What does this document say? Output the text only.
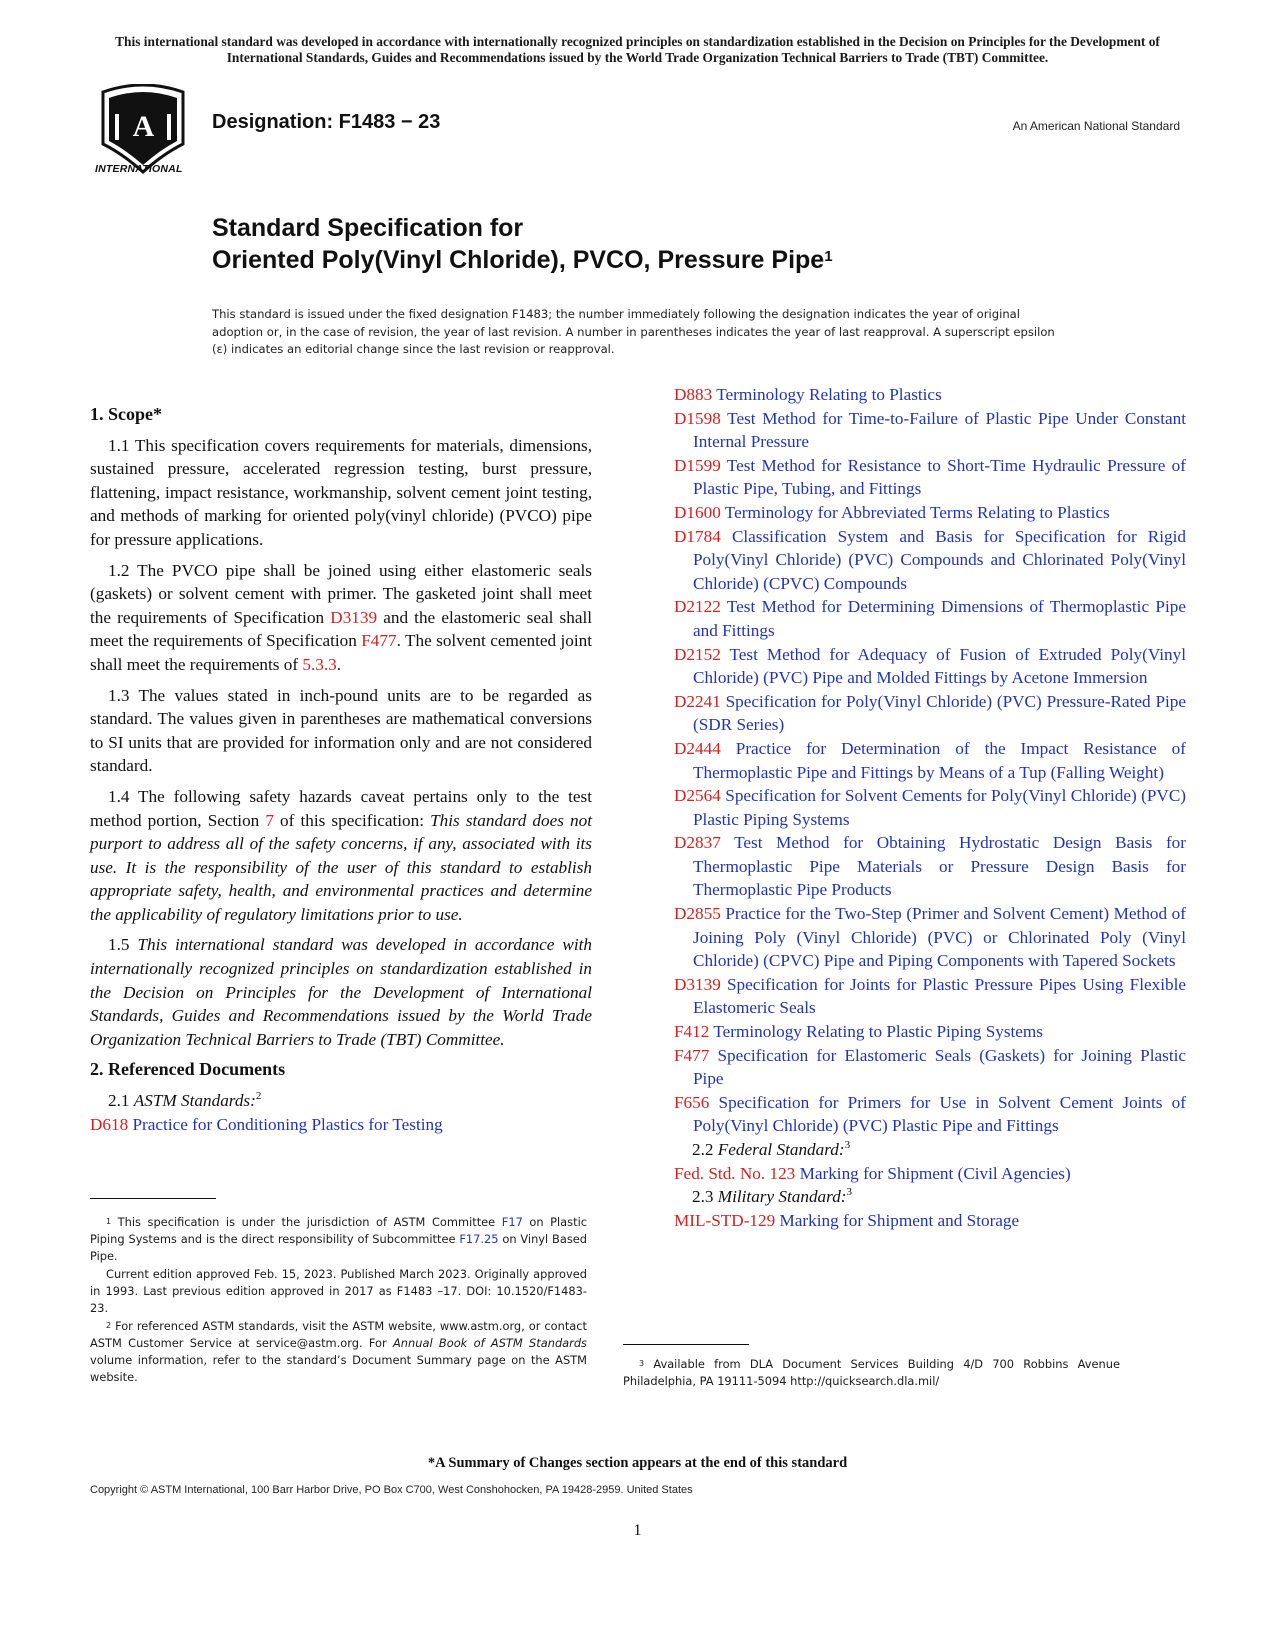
This international standard was developed in accordance with internationally recognized principles on standardization established in the Decision on Principles for the Development of International Standards, Guides and Recommendations issued by the World Trade Organization Technical Barriers to Trade (TBT) Committee.
A
INTERNATIONAL
Designation: F1483 − 23	An American National Standard
Standard Specification for
Oriented Poly(Vinyl Chloride), PVCO, Pressure Pipe$^1$
This standard is issued under the fixed designation F1483; the number immediately following the designation indicates the year of original adoption or, in the case of revision, the year of last revision. A number in parentheses indicates the year of last reapproval. A superscript epsilon (ε) indicates an editorial change since the last revision or reapproval.
1. Scope*
1.1 This specification covers requirements for materials, dimensions, sustained pressure, accelerated regression testing, burst pressure, flattening, impact resistance, workmanship, solvent cement joint testing, and methods of marking for oriented poly(vinyl chloride) (PVCO) pipe for pressure applications.
1.2 The PVCO pipe shall be joined using either elastomeric seals (gaskets) or solvent cement with primer. The gasketed joint shall meet the requirements of Specification D3139 and the elastomeric seal shall meet the requirements of Specification F477. The solvent cemented joint shall meet the requirements of 5.3.3.
1.3 The values stated in inch-pound units are to be regarded as standard. The values given in parentheses are mathematical conversions to SI units that are provided for information only and are not considered standard.
1.4 The following safety hazards caveat pertains only to the test method portion, Section 7 of this specification: This standard does not purport to address all of the safety concerns, if any, associated with its use. It is the responsibility of the user of this standard to establish appropriate safety, health, and environmental practices and determine the applicability of regulatory limitations prior to use.
1.5 This international standard was developed in accordance with internationally recognized principles on standardization established in the Decision on Principles for the Development of International Standards, Guides and Recommendations issued by the World Trade Organization Technical Barriers to Trade (TBT) Committee.
2. Referenced Documents
2.1 ASTM Standards:$^2$
D618 Practice for Conditioning Plastics for Testing
D883 Terminology Relating to Plastics
D1598 Test Method for Time-to-Failure of Plastic Pipe Under Constant Internal Pressure
D1599 Test Method for Resistance to Short-Time Hydraulic Pressure of Plastic Pipe, Tubing, and Fittings
D1600 Terminology for Abbreviated Terms Relating to Plastics
D1784 Classification System and Basis for Specification for Rigid Poly(Vinyl Chloride) (PVC) Compounds and Chlorinated Poly(Vinyl Chloride) (CPVC) Compounds
D2122 Test Method for Determining Dimensions of Thermoplastic Pipe and Fittings
D2152 Test Method for Adequacy of Fusion of Extruded Poly(Vinyl Chloride) (PVC) Pipe and Molded Fittings by Acetone Immersion
D2241 Specification for Poly(Vinyl Chloride) (PVC) Pressure-Rated Pipe (SDR Series)
D2444 Practice for Determination of the Impact Resistance of Thermoplastic Pipe and Fittings by Means of a Tup (Falling Weight)
D2564 Specification for Solvent Cements for Poly(Vinyl Chloride) (PVC) Plastic Piping Systems
D2837 Test Method for Obtaining Hydrostatic Design Basis for Thermoplastic Pipe Materials or Pressure Design Basis for Thermoplastic Pipe Products
D2855 Practice for the Two-Step (Primer and Solvent Cement) Method of Joining Poly (Vinyl Chloride) (PVC) or Chlorinated Poly (Vinyl Chloride) (CPVC) Pipe and Piping Components with Tapered Sockets
D3139 Specification for Joints for Plastic Pressure Pipes Using Flexible Elastomeric Seals
F412 Terminology Relating to Plastic Piping Systems
F477 Specification for Elastomeric Seals (Gaskets) for Joining Plastic Pipe
F656 Specification for Primers for Use in Solvent Cement Joints of Poly(Vinyl Chloride) (PVC) Plastic Pipe and Fittings
2.2 Federal Standard:$^3$
Fed. Std. No. 123 Marking for Shipment (Civil Agencies)
2.3 Military Standard:$^3$
MIL-STD-129 Marking for Shipment and Storage
$^1$ This specification is under the jurisdiction of ASTM Committee F17 on Plastic Piping Systems and is the direct responsibility of Subcommittee F17.25 on Vinyl Based Pipe.
Current edition approved Feb. 15, 2023. Published March 2023. Originally approved in 1993. Last previous edition approved in 2017 as F1483 –17. DOI: 10.1520/F1483-23.
$^2$ For referenced ASTM standards, visit the ASTM website, www.astm.org, or contact ASTM Customer Service at service@astm.org. For Annual Book of ASTM Standards volume information, refer to the standard’s Document Summary page on the ASTM website.
$^3$ Available from DLA Document Services Building 4/D 700 Robbins Avenue Philadelphia, PA 19111-5094 http://quicksearch.dla.mil/
*A Summary of Changes section appears at the end of this standard
Copyright © ASTM International, 100 Barr Harbor Drive, PO Box C700, West Conshohocken, PA 19428-2959. United States
1
